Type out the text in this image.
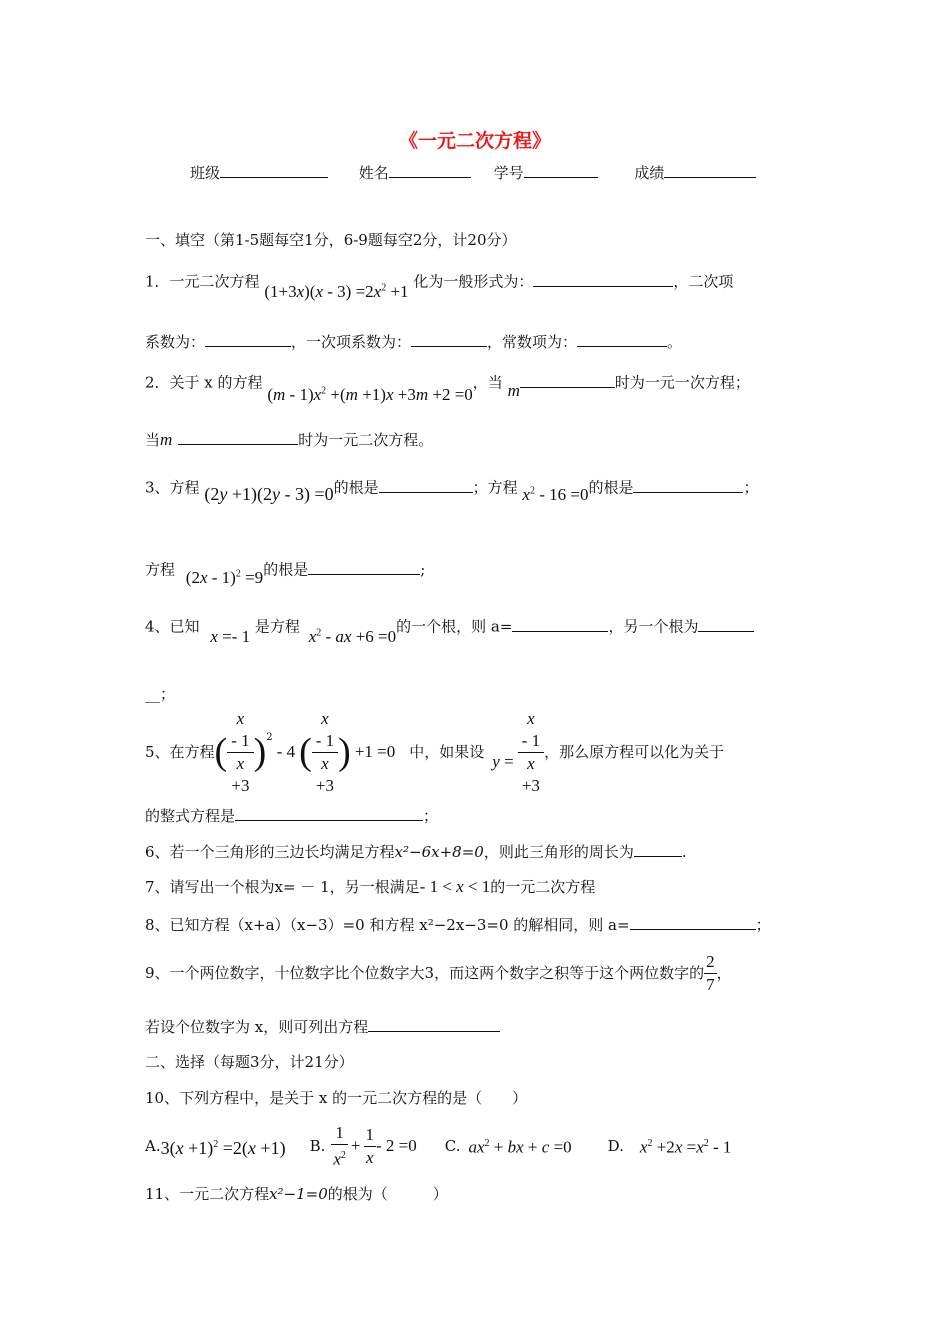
《一元二次方程》
班级	姓名	学号	成绩
一、填空（第1-5题每空1分，6-9题每空2分，计20分）
1．一元二次方程 $(1+3x)(x - 3) =2x^2 +1$ 化为一般形式为：	，二次项
系数为：	，一次项系数为：	，常数项为：	。
2．关于 x 的方程 $(m - 1)x^2 +(m +1)x +3m +2 =0$，当 m	时为一元一次方程；
当m	时为一元二次方程。
3、方程 (2y +1)(2y - 3) =0的根是	；方程 $x^2 - 16 =0$的根是	；
方程 (2x - 1)$^2$ =9的根是	;
4、已知 x =- 1 是方程 $x^2$ - ax +6 =0的一个根，则 a=	，另一个根为
__；
5、在方程 ( x
- 1
x
+3 )$^2$
- 4 ( x
- 1
x
+3 ) +1 =0 中，如果设 y = x
- 1
x
+3 ，那么原方程可以化为关于
的整式方程是	；
6、若一个三角形的三边长均满足方程x²−6x+8=0，则此三角形的周长为	.
7、请写出一个根为x= － 1，另一根满足- 1 < x < 1的一元二次方程
8、已知方程（x+a）（x−3）=0 和方程 x²−2x−3=0 的解相同，则 a=	；
9、一个两位数字，十位数字比个位数字大3，而这两个数字之积等于这个两位数字的 $\frac{2}{7}$ ，
若设个位数字为 x，则可列出方程
二、选择（每题3分，计21分）
10、下列方程中，是关于 x 的一元二次方程的是（　　）
A. $3(x +1)^2 =2(x +1)$ B. $\frac{1}{x^2} + \frac{1}{x} - 2 =0$ C. $ax^2$ + bx + c =0 D. $x^2 +2x =x^2 - 1$
11、一元二次方程x²−1=0的根为（　　　）
